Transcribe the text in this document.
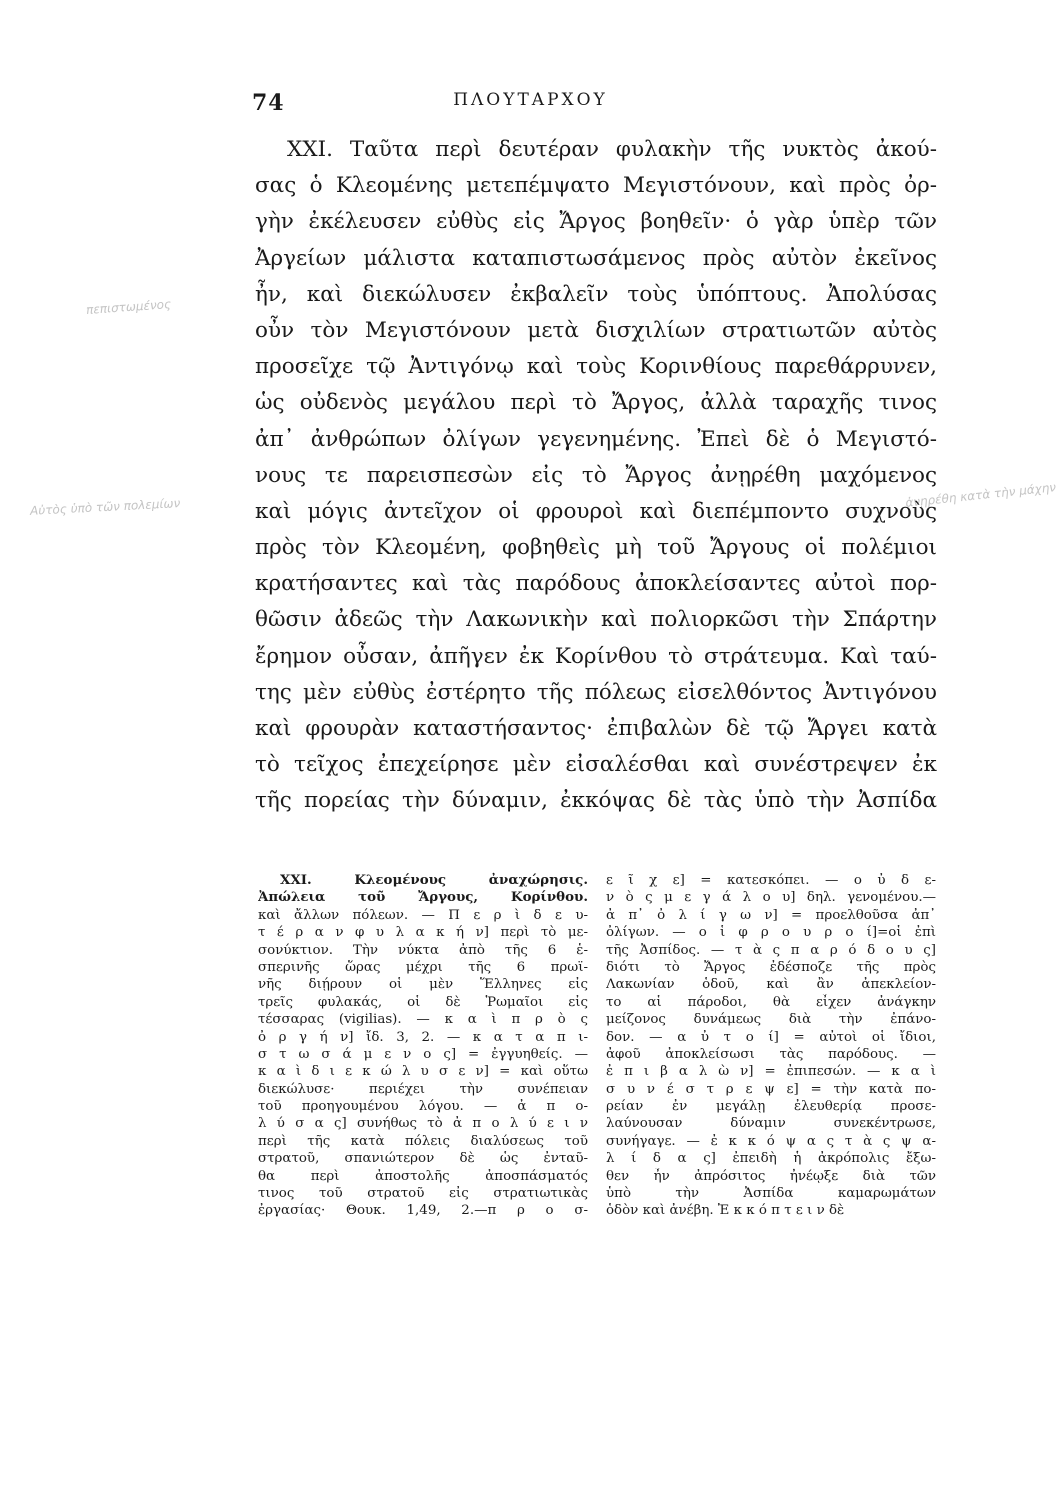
74	ΠΛΟΥΤΑΡΧΟΥ
πεπιστωμένος
Αὐτὸς ὑπὸ τῶν πολεμίων	ἀνῃρέθη κατὰ τὴν μάχην
XXI. Ταῦτα περὶ δευτέραν φυλακὴν τῆς νυκτὸς ἀκού-
σας ὁ Κλεομένης μετεπέμψατο Μεγιστόνουν, καὶ πρὸς ὀρ-
γὴν ἐκέλευσεν εὐθὺς εἰς Ἄργος βοηθεῖν· ὁ γὰρ ὑπὲρ τῶν
Ἀργείων μάλιστα καταπιστωσάμενος πρὸς αὐτὸν ἐκεῖνος
ἦν, καὶ διεκώλυσεν ἐκβαλεῖν τοὺς ὑπόπτους. Ἀπολύσας
οὖν τὸν Μεγιστόνουν μετὰ δισχιλίων στρατιωτῶν αὐτὸς
προσεῖχε τῷ Ἀντιγόνῳ καὶ τοὺς Κορινθίους παρεθάρρυνεν,
ὡς οὐδενὸς μεγάλου περὶ τὸ Ἄργος, ἀλλὰ ταραχῆς τινος
ἀπ᾽ ἀνθρώπων ὀλίγων γεγενημένης. Ἐπεὶ δὲ ὁ Μεγιστό-
νους τε παρεισπεσὼν εἰς τὸ Ἄργος ἀνῃρέθη μαχόμενος
καὶ μόγις ἀντεῖχον οἱ φρουροὶ καὶ διεπέμποντο συχνοὺς
πρὸς τὸν Κλεομένη, φοβηθεὶς μὴ τοῦ Ἄργους οἱ πολέμιοι
κρατήσαντες καὶ τὰς παρόδους ἀποκλείσαντες αὐτοὶ πορ-
θῶσιν ἀδεῶς τὴν Λακωνικὴν καὶ πολιορκῶσι τὴν Σπάρτην
ἔρημον οὖσαν, ἀπῆγεν ἐκ Κορίνθου τὸ στράτευμα. Καὶ ταύ-
της μὲν εὐθὺς ἐστέρητο τῆς πόλεως εἰσελθόντος Ἀντιγόνου
καὶ φρουρὰν καταστήσαντος· ἐπιβαλὼν δὲ τῷ Ἄργει κατὰ
τὸ τεῖχος ἐπεχείρησε μὲν εἰσαλέσθαι καὶ συνέστρεψεν ἐκ
τῆς πορείας τὴν δύναμιν, ἐκκόψας δὲ τὰς ὑπὸ τὴν Ἀσπίδα
XXI. Κλεομένους ἀναχώρησις.
Ἀπώλεια τοῦ Ἄργους, Κορίνθου.
καὶ ἄλλων πόλεων. — Π ε ρ ὶ δ ε υ-
τ έ ρ α ν φ υ λ α κ ή ν] περὶ τὸ με-
σονύκτιον. Τὴν νύκτα ἀπὸ τῆς 6 ἑ-
σπερινῆς ὥρας μέχρι τῆς 6 πρωϊ-
νῆς διῄρουν οἱ μὲν Ἕλληνες εἰς
τρεῖς φυλακάς, οἱ δὲ Ῥωμαῖοι εἰς
τέσσαρας (vigilias). — κ α ὶ π ρ ὸ ς
ὀ ρ γ ή ν] ἴδ. 3, 2. — κ α τ α π ι-
σ τ ω σ ά μ ε ν ο ς] = ἐγγυηθείς. —
κ α ὶ δ ι ε κ ώ λ υ σ ε ν] = καὶ οὕτω
διεκώλυσε· περιέχει τὴν συνέπειαν
τοῦ προηγουμένου λόγου. — ἀ π ο-
λ ύ σ α ς] συνήθως τὸ ἀ π ο λ ύ ε ι ν
περὶ τῆς κατὰ πόλεις διαλύσεως τοῦ
στρατοῦ, σπανιώτερον δὲ ὡς ἐνταῦ-
θα περὶ ἀποστολῆς ἀποσπάσματός
τινος τοῦ στρατοῦ εἰς στρατιωτικὰς
ἐργασίας· Θουκ. 1,49, 2.—π ρ ο σ-
ε ῖ χ ε] = κατεσκόπει. — ο ὐ δ ε-
ν ὸ ς μ ε γ ά λ ο υ] δηλ. γενομένου.—
ἀ π᾽ ὀ λ ί γ ω ν] = προελθοῦσα ἀπ᾽
ὀλίγων. — ο ἱ φ ρ ο υ ρ ο ί]=οἱ ἐπὶ
τῆς Ἀσπίδος. — τ ὰ ς π α ρ ό δ ο υ ς]
διότι τὸ Ἄργος ἐδέσποζε τῆς πρὸς
Λακωνίαν ὁδοῦ, καὶ ἂν ἀπεκλείον-
το αἱ πάροδοι, θὰ εἶχεν ἀνάγκην
μείζονος δυνάμεως διὰ τὴν ἐπάνο-
δον. — α ὐ τ ο ί] = αὐτοὶ οἱ ἴδιοι,
ἀφοῦ ἀποκλείσωσι τὰς παρόδους. —
ἐ π ι β α λ ὼ ν] = ἐπιπεσών. — κ α ὶ
σ υ ν έ σ τ ρ ε ψ ε] = τὴν κατὰ πο-
ρείαν ἐν μεγάλῃ ἐλευθερίᾳ προσε-
λαύνουσαν δύναμιν συνεκέντρωσε,
συνήγαγε. — ἐ κ κ ό ψ α ς τ ὰ ς ψ α-
λ ί δ α ς] ἐπειδὴ ἡ ἀκρόπολις ἔξω-
θεν ἦν ἀπρόσιτος ἠνέῳξε διὰ τῶν
ὑπὸ τὴν Ἀσπίδα καμαρωμάτων
ὁδὸν καὶ ἀνέβη. Ἐ κ κ ό π τ ε ι ν δὲ
